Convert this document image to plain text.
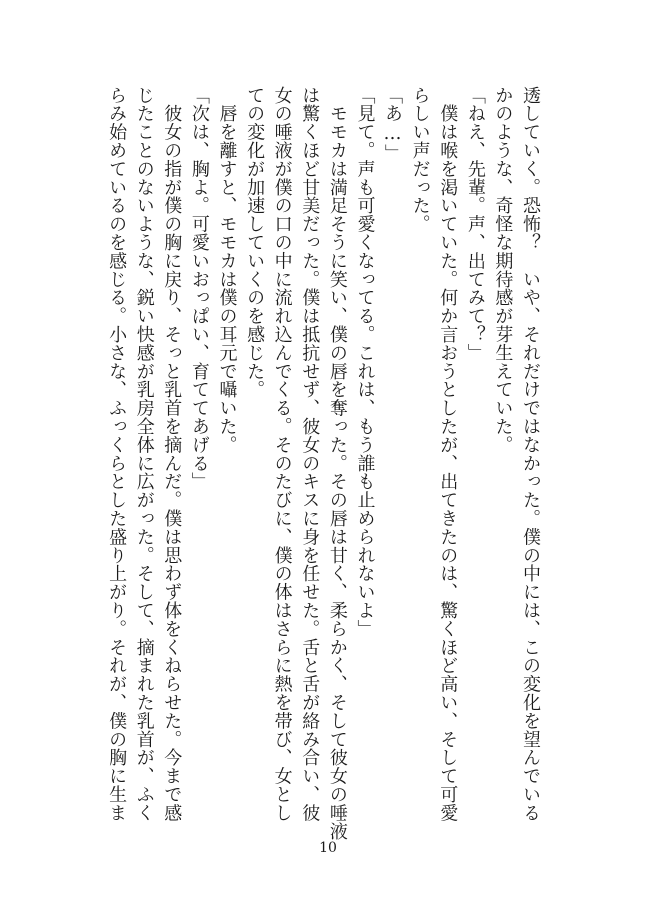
透していく。恐怖？　いや、それだけではなかった。僕の中には、この変化を望んでいる

かのような、奇怪な期待感が芽生えていた。

「ねえ、先輩。声、出てみて？」

　僕は喉を渇いていた。何か言おうとしたが、出てきたのは、驚くほど高い、そして可愛

らしい声だった。

「あ…」

「見て。声も可愛くなってる。これは、もう誰も止められないよ」

　モモカは満足そうに笑い、僕の唇を奪った。その唇は甘く、柔らかく、そして彼女の唾液

は驚くほど甘美だった。僕は抵抗せず、彼女のキスに身を任せた。舌と舌が絡み合い、彼

女の唾液が僕の口の中に流れ込んでくる。そのたびに、僕の体はさらに熱を帯び、女とし

ての変化が加速していくのを感じた。

　唇を離すと、モモカは僕の耳元で囁いた。

「次は、胸よ。可愛いおっぱい、育ててあげる」

　彼女の指が僕の胸に戻り、そっと乳首を摘んだ。僕は思わず体をくねらせた。今まで感

じたことのないような、鋭い快感が乳房全体に広がった。そして、摘まれた乳首が、ふく

らみ始めているのを感じる。小さな、ふっくらとした盛り上がり。それが、僕の胸に生ま

10
